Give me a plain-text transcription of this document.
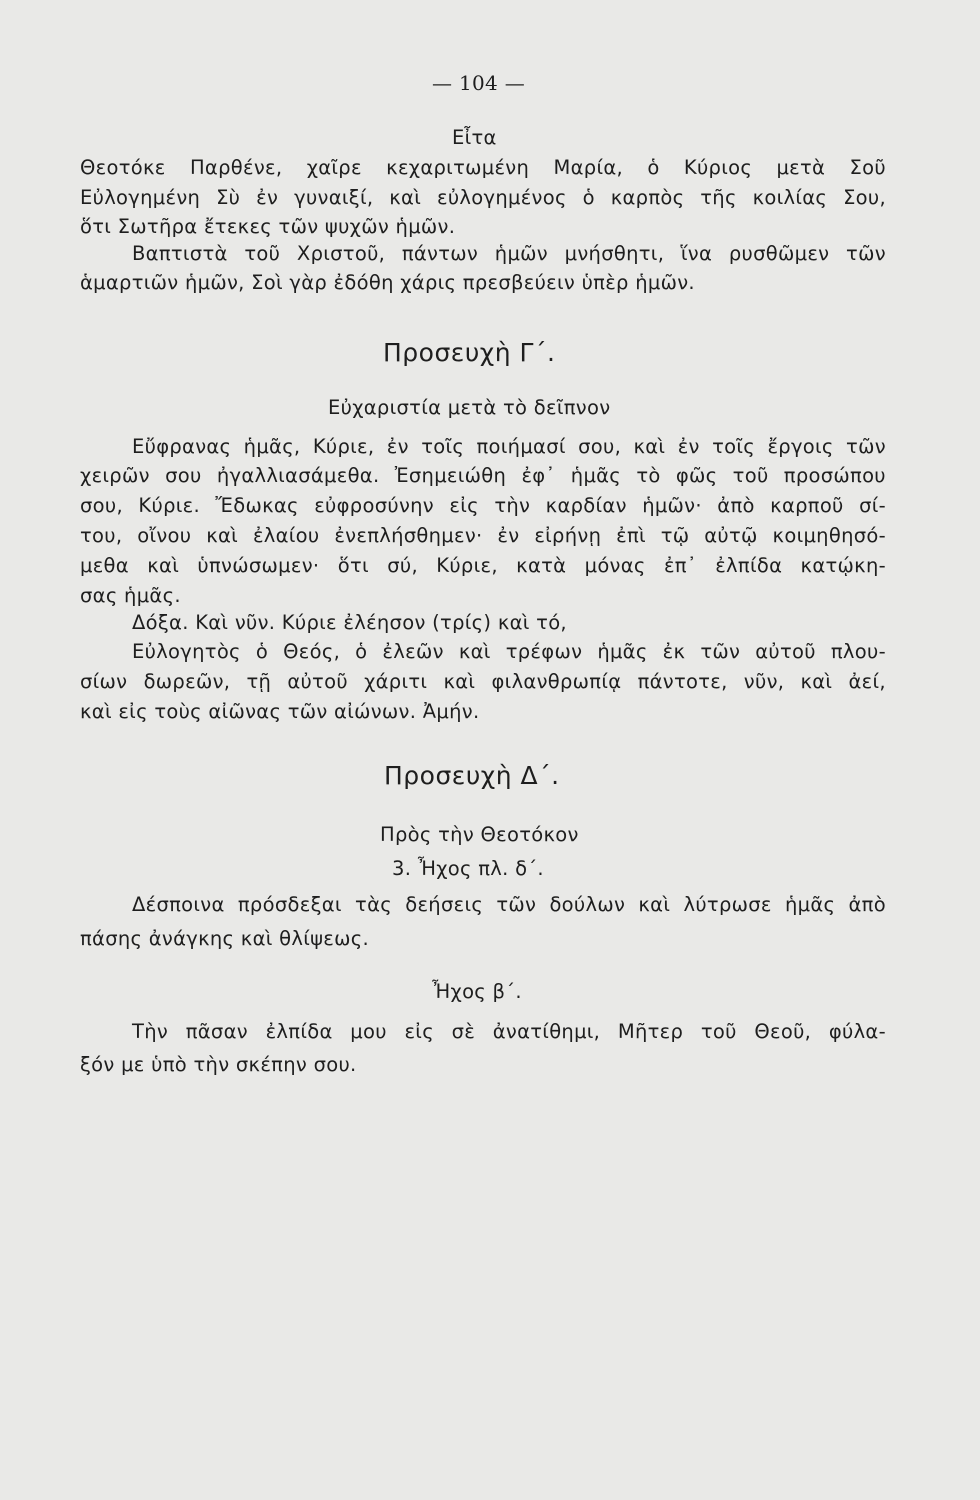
— 104 —
Εἶτα
Θεοτόκε Παρθένε, χαῖρε κεχαριτωμένη Μαρία, ὁ Κύριος μετὰ Σοῦ
Εὐλογημένη Σὺ ἐν γυναιξί, καὶ εὐλογημένος ὁ καρπὸς τῆς κοιλίας Σου,
ὅτι Σωτῆρα ἔτεκες τῶν ψυχῶν ἡμῶν.
Βαπτιστὰ τοῦ Χριστοῦ, πάντων ἡμῶν μνήσθητι, ἵνα ρυσθῶμεν τῶν
ἁμαρτιῶν ἡμῶν, Σοὶ γὰρ ἐδόθη χάρις πρεσβεύειν ὑπὲρ ἡμῶν.
Προσευχὴ Γ΄.
Εὐχαριστία μετὰ τὸ δεῖπνον
Εὔφρανας ἡμᾶς, Κύριε, ἐν τοῖς ποιήμασί σου, καὶ ἐν τοῖς ἔργοις τῶν
χειρῶν σου ἠγαλλιασάμεθα. Ἐσημειώθη ἐφ᾽ ἡμᾶς τὸ φῶς τοῦ προσώπου
σου, Κύριε. Ἔδωκας εὐφροσύνην εἰς τὴν καρδίαν ἡμῶν· ἀπὸ καρποῦ σί-
του, οἴνου καὶ ἐλαίου ἐνεπλήσθημεν· ἐν εἰρήνῃ ἐπὶ τῷ αὐτῷ κοιμηθησό-
μεθα καὶ ὑπνώσωμεν· ὅτι σύ, Κύριε, κατὰ μόνας ἐπ᾽ ἐλπίδα κατῴκη-
σας ἡμᾶς.
Δόξα. Καὶ νῦν. Κύριε ἐλέησον (τρίς) καὶ τό,
Εὐλογητὸς ὁ Θεός, ὁ ἐλεῶν καὶ τρέφων ἡμᾶς ἐκ τῶν αὐτοῦ πλου-
σίων δωρεῶν, τῇ αὐτοῦ χάριτι καὶ φιλανθρωπίᾳ πάντοτε, νῦν, καὶ ἀεί,
καὶ εἰς τοὺς αἰῶνας τῶν αἰώνων. Ἀμήν.
Προσευχὴ Δ΄.
Πρὸς τὴν Θεοτόκον
3. Ἦχος πλ. δ΄.
Δέσποινα πρόσδεξαι τὰς δεήσεις τῶν δούλων καὶ λύτρωσε ἡμᾶς ἀπὸ
πάσης ἀνάγκης καὶ θλίψεως.
Ἦχος β΄.
Τὴν πᾶσαν ἐλπίδα μου εἰς σὲ ἀνατίθημι, Μῆτερ τοῦ Θεοῦ, φύλα-
ξόν με ὑπὸ τὴν σκέπην σου.
